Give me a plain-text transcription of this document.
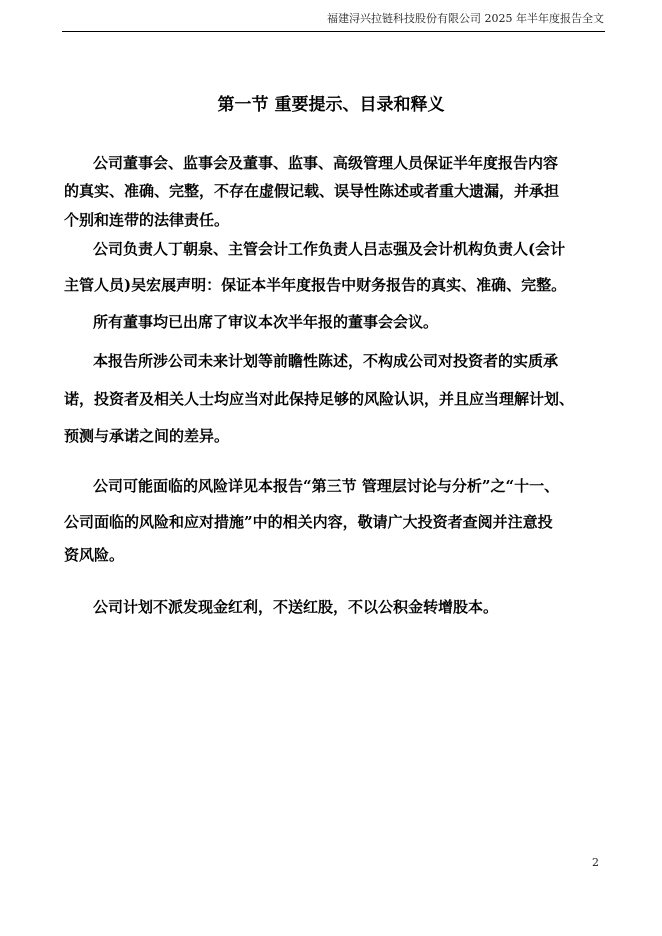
福建浔兴拉链科技股份有限公司 2025 年半年度报告全文
第一节 重要提示、目录和释义
公司董事会、监事会及董事、监事、高级管理人员保证半年度报告内容
的真实、准确、完整，不存在虚假记载、误导性陈述或者重大遗漏，并承担
个别和连带的法律责任。
公司负责人丁朝泉、主管会计工作负责人吕志强及会计机构负责人(会计
主管人员)吴宏展声明：保证本半年度报告中财务报告的真实、准确、完整。
所有董事均已出席了审议本次半年报的董事会会议。
本报告所涉公司未来计划等前瞻性陈述，不构成公司对投资者的实质承
诺，投资者及相关人士均应当对此保持足够的风险认识，并且应当理解计划、
预测与承诺之间的差异。
公司可能面临的风险详见本报告“第三节 管理层讨论与分析”之“十一、
公司面临的风险和应对措施”中的相关内容，敬请广大投资者查阅并注意投
资风险。
公司计划不派发现金红利，不送红股，不以公积金转增股本。
2
